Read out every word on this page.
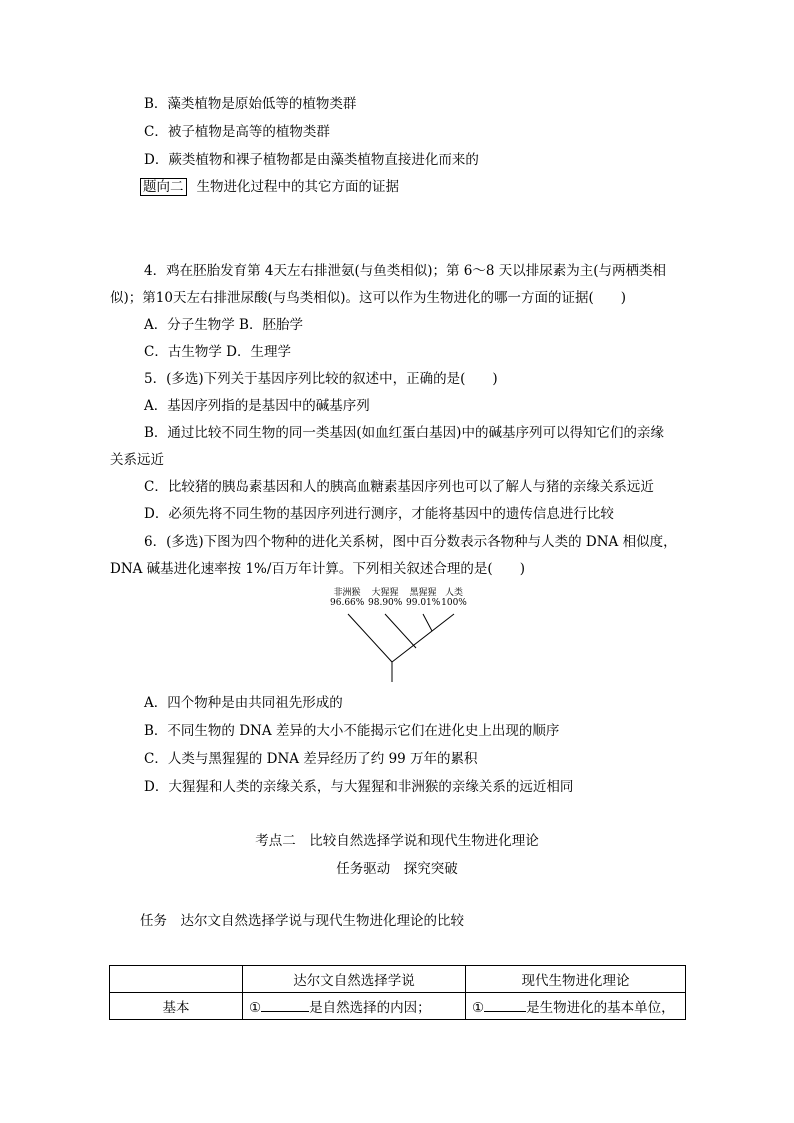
B．藻类植物是原始低等的植物类群
C．被子植物是高等的植物类群
D．蕨类植物和裸子植物都是由藻类植物直接进化而来的
题向二 生物进化过程中的其它方面的证据
4．鸡在胚胎发育第 4天左右排泄氨(与鱼类相似)；第 6～8 天以排尿素为主(与两栖类相
似)；第10天左右排泄尿酸(与鸟类相似)。这可以作为生物进化的哪一方面的证据(　　)
A．分子生物学 B．胚胎学
C．古生物学 D．生理学
5．(多选)下列关于基因序列比较的叙述中，正确的是(　　)
A．基因序列指的是基因中的碱基序列
B．通过比较不同生物的同一类基因(如血红蛋白基因)中的碱基序列可以得知它们的亲缘
关系远近
C．比较猪的胰岛素基因和人的胰高血糖素基因序列也可以了解人与猪的亲缘关系远近
D．必须先将不同生物的基因序列进行测序，才能将基因中的遗传信息进行比较
6．(多选)下图为四个物种的进化关系树，图中百分数表示各物种与人类的 DNA 相似度，
DNA 碱基进化速率按 1%/百万年计算。下列相关叙述合理的是(　　)
非洲猴
96.66%
大猩猩
98.90%
黑猩猩
99.01%
人类
100%
A．四个物种是由共同祖先形成的
B．不同生物的 DNA 差异的大小不能揭示它们在进化史上出现的顺序
C．人类与黑猩猩的 DNA 差异经历了约 99 万年的累积
D．大猩猩和人类的亲缘关系，与大猩猩和非洲猴的亲缘关系的远近相同
考点二　比较自然选择学说和现代生物进化理论
任务驱动　探究突破
任务　达尔文自然选择学说与现代生物进化理论的比较
	达尔文自然选择学说	现代生物进化理论
基本	① 是自然选择的内因；	① 是生物进化的基本单位，
